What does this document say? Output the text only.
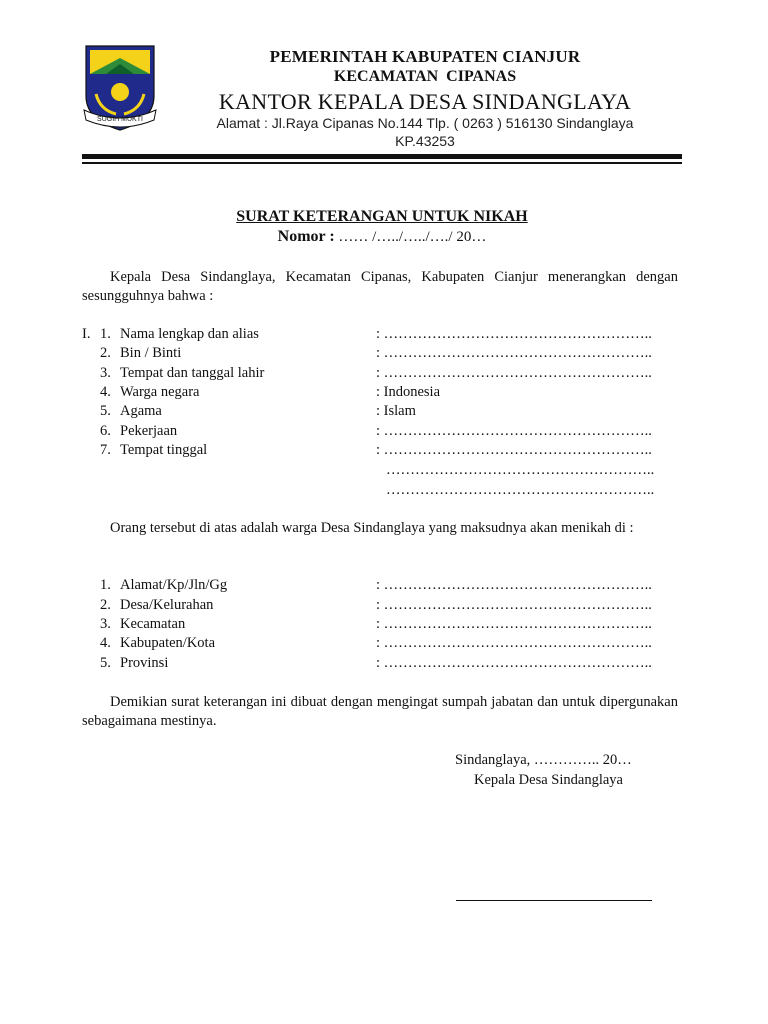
SUGIH MUKTI
PEMERINTAH KABUPATEN CIANJUR
KECAMATAN CIPANAS
KANTOR KEPALA DESA SINDANGLAYA
Alamat : Jl.Raya Cipanas No.144 Tlp. ( 0263 ) 516130 Sindanglaya
KP.43253
SURAT KETERANGAN UNTUK NIKAH
Nomor : …… /…../…../…./ 20…
Kepala Desa Sindanglaya, Kecamatan Cipanas, Kabupaten Cianjur menerangkan dengan sesungguhnya bahwa :
I. 1. Nama lengkap dan alias	: ………………………………………………..
2. Bin / Binti	: ………………………………………………..
3. Tempat dan tanggal lahir	: ………………………………………………..
4. Warga negara	: Indonesia
5. Agama	: Islam
6. Pekerjaan	: ………………………………………………..
7. Tempat tinggal	: ………………………………………………..
………………………………………………..
………………………………………………..
Orang tersebut di atas adalah warga Desa Sindanglaya yang maksudnya akan menikah di :
1. Alamat/Kp/Jln/Gg	: ………………………………………………..
2. Desa/Kelurahan	: ………………………………………………..
3. Kecamatan	: ………………………………………………..
4. Kabupaten/Kota	: ………………………………………………..
5. Provinsi	: ………………………………………………..
Demikian surat keterangan ini dibuat dengan mengingat sumpah jabatan dan untuk dipergunakan sebagaimana mestinya.
Sindanglaya, ………….. 20…
Kepala Desa Sindanglaya
